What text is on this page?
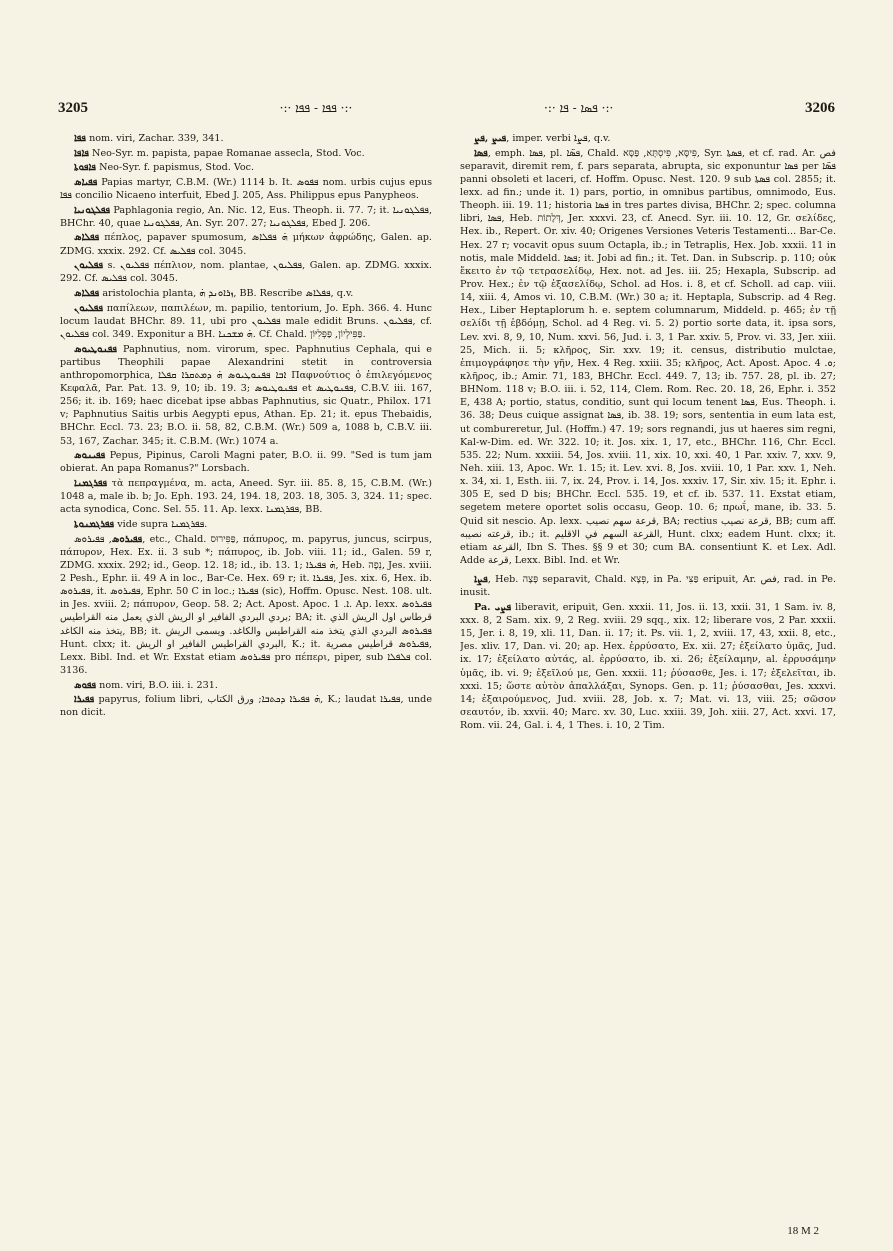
3205	·:· ܦܦܐ - ܦܦܐ ·:·	·:· ܦܣܐ - ܦܐ ·:·	3206

ܦܦܐ nom. viri, Zachar. 339, 341.

ܦܐܦܐ Neo-Syr. m. papista, papae Romanae assecla, Stod. Voc.

ܦܐܦܘܬܐ Neo-Syr. f. papismus, Stod. Voc.

ܦܦܝܐܣ Papias martyr, C.B.M. (Wr.) 1114 b. It. ܦܦܘܣ nom. urbis cujus epus ܦܦܐ concilio Nicaeno interfuit, Ebed J. 205, Ass. Philippus epus Panypheos.

ܦܦܠܓܘܢܝܐ Paphlagonia regio, An. Nic. 12, Eus. Theoph. ii. 77. 7; it. ܦܦܠܓܘܢܝܐ, BHChr. 40, quae ܦܦܠܓܘܢܝܐ, An. Syr. 207. 27; ܦܦܠܓܘܢܝܐ, Ebed J. 206.

ܦܦܠܐܣ πέπλος, papaver spumosum, ܗ̇ ܦܦܠܐܣ μήκων ἀφρώδης, Galen. ap. ZDMG. xxxix. 292. Cf. ܦܦܠܝܣ col. 3045.

ܦܦܠܝܘܢ s. ܦܦܠܝܘܢ πέπλιον, nom. plantae, ܦܦܠܝܘܢ, Galen. ap. ZDMG. xxxix. 292. Cf. ܦܦܠܝܣ col. 3045.

ܦܦܠܐܣ aristolochia planta, ܙܪܐܘܢܕ ܗ̇, BB. Rescribe ܦܦܠܐܣ, q.v.

ܦܦܠܝܘܢ παπίλεων, παπιλέων, m. papilio, tentorium, Jo. Eph. 366. 4. Hunc locum laudat BHChr. 89. 11, ubi pro ܦܦܠܝܘܢ male edidit Bruns. ܦܦܠܝܘܢ, cf. ܦܦܠܝܘܢ col. 349. Exponitur a BH. ܗ̇ ܡܫܟܢܐ. Cf. Chald. פַּפִּילְיוֹן, פַּפְּלִיּוֹן.

ܦܦܢܘܛܝܘܣ Paphnutius, nom. virorum, spec. Paphnutius Cephala, qui e partibus Theophili papae Alexandrini stetit in controversia anthropomorphica, ܐܒܐ ܦܦܢܘܛܝܘܣ ܗ̇ ܕܡܬܩܪܐ ܩܦܠܐ Παφνούτιος ὁ ἐπιλεγόμενος Κεφαλᾶ, Par. Pat. 13. 9, 10; ib. 19. 3; ܦܦܢܘܛܝܘܣ et ܦܦܢܘܛܝܣ, C.B.V. iii. 167, 256; it. ib. 169; haec dicebat ipse abbas Paphnutius, sic Quatr., Philox. 171 v; Paphnutius Saitis urbis Aegypti epus, Athan. Ep. 21; it. epus Thebaidis, BHChr. Eccl. 73. 23; B.O. ii. 58, 82, C.B.M. (Wr.) 509 a, 1088 b, C.B.V. iii. 53, 167, Zachar. 345; it. C.B.M. (Wr.) 1074 a.

ܦܦܝܢܘܣ Pepus, Pipinus, Caroli Magni pater, B.O. ii. 99. "Sed is tum jam obierat. An papa Romanus?" Lorsbach.

ܦܦܪܓܡܢܐ τὰ πεπραγμένα, m. acta, Aneed. Syr. iii. 85. 8, 15, C.B.M. (Wr.) 1048 a, male ib. b; Jo. Eph. 193. 24, 194. 18, 203. 18, 305. 3, 324. 11; spec. acta synodica, Conc. Sel. 55. 11. Ap. lexx. ܦܦܪܓܡܢܐ, BB.

ܦܦܪܓܡܢܘܬܐ vide supra ܦܦܪܓܡܢܐ.

ܦܦܝܪܘܣ, ܦܦܝܪܘܣ, etc., Chald. פַּפִּירוּס, πάπυρος, m. papyrus, juncus, scirpus, πάπυρον, Hex. Ex. ii. 3 sub *; πάπυρος, ib. Job. viii. 11; id., Galen. 59 r, ZDMG. xxxix. 292; id., Geop. 12. 18; id., ib. 13. 1; ܗ̇ ܦܦܝܪܐ, Heb. נְפֶה, Jes. xviii. 2 Pesh., Ephr. ii. 49 A in loc., Bar-Ce. Hex. 69 r; it. ܦܦܝܪܐ, Jes. xix. 6, Hex. ib. ܦܦܝܪܘܣ, it. ܦܦܝܪܘܣ, Ephr. 50 C in loc.; ܦܦܝܪܐ (sic), Hoffm. Opusc. Nest. 108. ult. in Jes. xviii. 2; πάπυρον, Geop. 58. 2; Act. Apost. Apoc. ܐ. 1. Ap. lexx. ܦܦܝܪܘܣ بردي البردي الفافير او الريش الذي يعمل منه القراطيس; BA; it. قرطاس اول الريش الذي يتخذ منه الكاغد, BB; it. ܦܦܝܪܘܣ البردي الذي يتخذ منه القراطيس والكاغد. ويسمى الريش Hunt. clxx; it. البردي القراطيس الفافير او الريش, K.; it. ܦܦܝܪܘܣ قراطيس مصرية, Lexx. Bibl. Ind. et Wr. Exstat etiam ܦܦܝܪܘܣ pro πέπερι, piper, sub ܦܠܦܠܐ col. 3136.

ܦܦܘܣ nom. viri, B.O. iii. i. 231.

ܦܦܝܪܐ papyrus, folium libri, ܗ̇ ܦܦܝܪܐ ܕܟܬܒܐ; ورق الكتاب, K.; laudat ܦܦܝܪܐ, unde non dicit.

ܦܝܨ ,ܦܨ, imper. verbi ܦܨܐ, q.v.

ܦܣܐ, emph. ܦܣܐ, pl. ܦܣ̈ܐ, Chald. פִּיסָּא, פִּיסְתָּא, פַּסָּא, Syr. ܦܣܬܐ, et cf. rad. Ar. فص separavit, diremit rem, f. pars separata, abrupta, sic exponuntur ܦܣܐ per ܦܣ̈ܐ panni obsoleti et laceri, cf. Hoffm. Opusc. Nest. 120. 9 sub ܦܣܬܐ col. 2855; it. lexx. ad fin.; unde it. 1) pars, portio, in omnibus partibus, omnimodo, Eus. Theoph. iii. 19. 11; historia ܦܣܐ in tres partes divisa, BHChr. 2; spec. columna libri, ܦܣܐ, Heb. דְּלָתוֹת, Jer. xxxvi. 23, cf. Anecd. Syr. iii. 10. 12, Gr. σελίδες, Hex. ib., Repert. Or. xiv. 40; Origenes Versiones Veteris Testamenti... Bar-Ce. Hex. 27 r; vocavit opus suum Octapla, ib.; in Tetraplis, Hex. Job. xxxii. 11 in notis, male Middeld. ܦܣܐ; it. Jobi ad fin.; it. Tet. Dan. in Subscrip. p. 110; οὐκ ἔκειτο ἐν τῷ τετρασελίδῳ, Hex. not. ad Jes. iii. 25; Hexapla, Subscrip. ad Prov. Hex.; ἐν τῷ ἑξασελίδῳ, Schol. ad Hos. i. 8, et cf. Scholl. ad cap. viii. 14, xiii. 4, Amos vi. 10, C.B.M. (Wr.) 30 a; it. Heptapla, Subscrip. ad 4 Reg. Hex., Liber Heptaplorum h. e. septem columnarum, Middeld. p. 465; ἐν τῇ σελίδι τῇ ἑβδόμῃ, Schol. ad 4 Reg. vi. 5. 2) portio sorte data, it. ipsa sors, Lev. xvi. 8, 9, 10, Num. xxvi. 56, Jud. i. 3, 1 Par. xxiv. 5, Prov. vi. 33, Jer. xiii. 25, Mich. ii. 5; κλῆρος, Sir. xxv. 19; it. census, distributio mulctae, ἐπιμογράφησε τὴν γῆν, Hex. 4 Reg. xxiii. 35; κλῆρος, Act. Apost. Apoc. ܘ. 4; κλῆρος, ib.; Amir. 71, 183, BHChr. Eccl. 449. 7, 13; ib. 757. 28, pl. ib. 27; BHNom. 118 v; B.O. iii. i. 52, 114, Clem. Rom. Rec. 20. 18, 26, Ephr. i. 352 E, 438 A; portio, status, conditio, sunt qui locum tenent ܦܣܐ, Eus. Theoph. i. 36. 38; Deus cuique assignat ܦܣܐ, ib. 38. 19; sors, sententia in eum lata est, ut combureretur, Jul. (Hoffm.) 47. 19; sors regnandi, jus ut haeres sim regni, Kal-w-Dim. ed. Wr. 322. 10; it. Jos. xix. 1, 17, etc., BHChr. 116, Chr. Eccl. 535. 22; Num. xxxiii. 54, Jos. xviii. 11, xix. 10, xxi. 40, 1 Par. xxiv. 7, xxv. 9, Neh. xiii. 13, Apoc. Wr. 1. 15; it. Lev. xvi. 8, Jos. xviii. 10, 1 Par. xxv. 1, Neh. x. 34, xi. 1, Esth. iii. 7, ix. 24, Prov. i. 14, Jos. xxxiv. 17, Sir. xiv. 15; it. Ephr. i. 305 E, sed D bis; BHChr. Eccl. 535. 19, et cf. ib. 537. 11. Exstat etiam, segetem metere oportet solis occasu, Geop. 10. 6; πρωΐ, mane, ib. 33. 5. Quid sit nescio. Ap. lexx. قرعة سهم نصيب, BA; rectius قرعة نصيب, BB; cum aff. قرعته نصيبه, ib.; it. القرعة السهم في الاقليم, Hunt. clxx; eadem Hunt. clxx; it. etiam القرعة, Ibn S. Thes. §§ 9 et 30; cum BA. consentiunt K. et Lex. Adl. Adde قرعة, Lexx. Bibl. Ind. et Wr.

ܦܨܐ, Heb. פָּצָה separavit, Chald. פְּצָא, in Pa. פַּצִּי eripuit, Ar. فص, rad. in Pe. inusit.

Pa. ܦܨܝ liberavit, eripuit, Gen. xxxii. 11, Jos. ii. 13, xxii. 31, 1 Sam. iv. 8, xxx. 8, 2 Sam. xix. 9, 2 Reg. xviii. 29 sqq., xix. 12; liberare vos, 2 Par. xxxii. 15, Jer. i. 8, 19, xli. 11, Dan. ii. 17; it. Ps. vii. 1, 2, xviii. 17, 43, xxii. 8, etc., Jes. xliv. 17, Dan. vi. 20; ap. Hex. ἐρρύσατο, Ex. xii. 27; ἐξείλατο ὑμᾶς, Jud. ix. 17; ἐξείλατο αὐτάς, al. ἐρρύσατο, ib. xi. 26; ἐξείλαμην, al. ἐρρυσάμην ὑμᾶς, ib. vi. 9; ἐξεῖλού με, Gen. xxxii. 11; ῥύσασθε, Jes. i. 17; ἐξελεῖται, ib. xxxi. 15; ὥστε αὐτὸν ἀπαλλάξαι, Synops. Gen. p. 11; ῥύσασθαι, Jes. xxxvi. 14; ἐξαιρούμενος, Jud. xviii. 28, Job. x. 7; Mat. vi. 13, viii. 25; σῶσον σεαυτόν, ib. xxvii. 40; Marc. xv. 30, Luc. xxiii. 39, Joh. xiii. 27, Act. xxvi. 17, Rom. vii. 24, Gal. i. 4, 1 Thes. i. 10, 2 Tim.

18 M 2
